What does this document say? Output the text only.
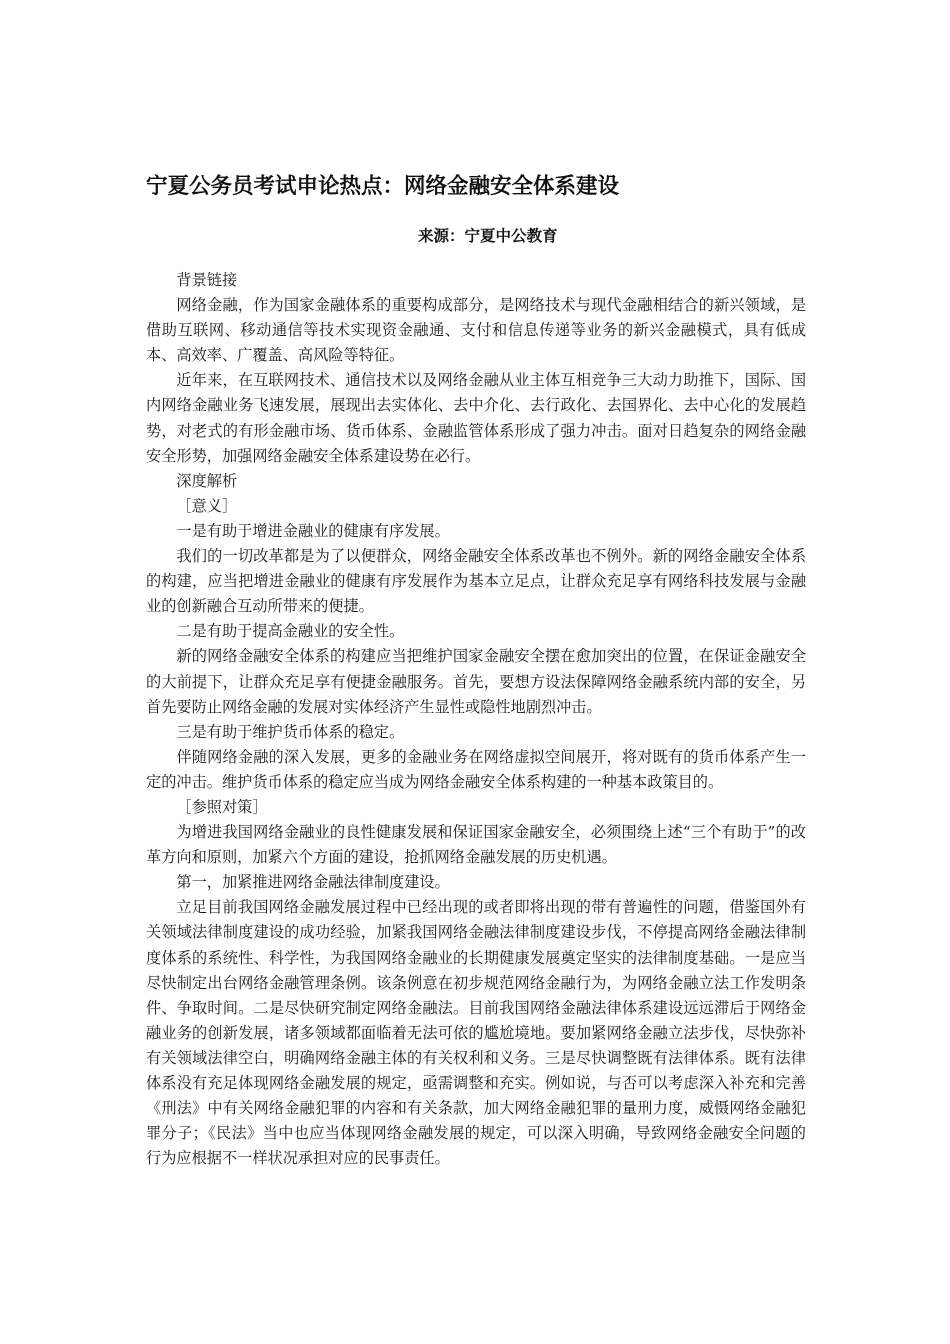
宁夏公务员考试申论热点：网络金融安全体系建设
来源：宁夏中公教育

背景链接

网络金融，作为国家金融体系的重要构成部分，是网络技术与现代金融相结合的新兴领域，是借助互联网、移动通信等技术实现资金融通、支付和信息传递等业务的新兴金融模式，具有低成本、高效率、广覆盖、高风险等特征。

近年来，在互联网技术、通信技术以及网络金融从业主体互相竞争三大动力助推下，国际、国内网络金融业务飞速发展，展现出去实体化、去中介化、去行政化、去国界化、去中心化的发展趋势，对老式的有形金融市场、货币体系、金融监管体系形成了强力冲击。面对日趋复杂的网络金融安全形势，加强网络金融安全体系建设势在必行。

深度解析

［意义］

一是有助于增进金融业的健康有序发展。

我们的一切改革都是为了以便群众，网络金融安全体系改革也不例外。新的网络金融安全体系的构建，应当把增进金融业的健康有序发展作为基本立足点，让群众充足享有网络科技发展与金融业的创新融合互动所带来的便捷。

二是有助于提高金融业的安全性。

新的网络金融安全体系的构建应当把维护国家金融安全摆在愈加突出的位置，在保证金融安全的大前提下，让群众充足享有便捷金融服务。首先，要想方设法保障网络金融系统内部的安全，另首先要防止网络金融的发展对实体经济产生显性或隐性地剧烈冲击。

三是有助于维护货币体系的稳定。

伴随网络金融的深入发展，更多的金融业务在网络虚拟空间展开，将对既有的货币体系产生一定的冲击。维护货币体系的稳定应当成为网络金融安全体系构建的一种基本政策目的。

［参照对策］

为增进我国网络金融业的良性健康发展和保证国家金融安全，必须围绕上述“三个有助于”的改革方向和原则，加紧六个方面的建设，抢抓网络金融发展的历史机遇。

第一，加紧推进网络金融法律制度建设。

立足目前我国网络金融发展过程中已经出现的或者即将出现的带有普遍性的问题，借鉴国外有关领域法律制度建设的成功经验，加紧我国网络金融法律制度建设步伐，不停提高网络金融法律制度体系的系统性、科学性，为我国网络金融业的长期健康发展奠定坚实的法律制度基础。一是应当尽快制定出台网络金融管理条例。该条例意在初步规范网络金融行为，为网络金融立法工作发明条件、争取时间。二是尽快研究制定网络金融法。目前我国网络金融法律体系建设远远滞后于网络金融业务的创新发展，诸多领域都面临着无法可依的尴尬境地。要加紧网络金融立法步伐，尽快弥补有关领域法律空白，明确网络金融主体的有关权利和义务。三是尽快调整既有法律体系。既有法律体系没有充足体现网络金融发展的规定，亟需调整和充实。例如说，与否可以考虑深入补充和完善《刑法》中有关网络金融犯罪的内容和有关条款，加大网络金融犯罪的量刑力度，威慑网络金融犯罪分子；《民法》当中也应当体现网络金融发展的规定，可以深入明确，导致网络金融安全问题的行为应根据不一样状况承担对应的民事责任。
